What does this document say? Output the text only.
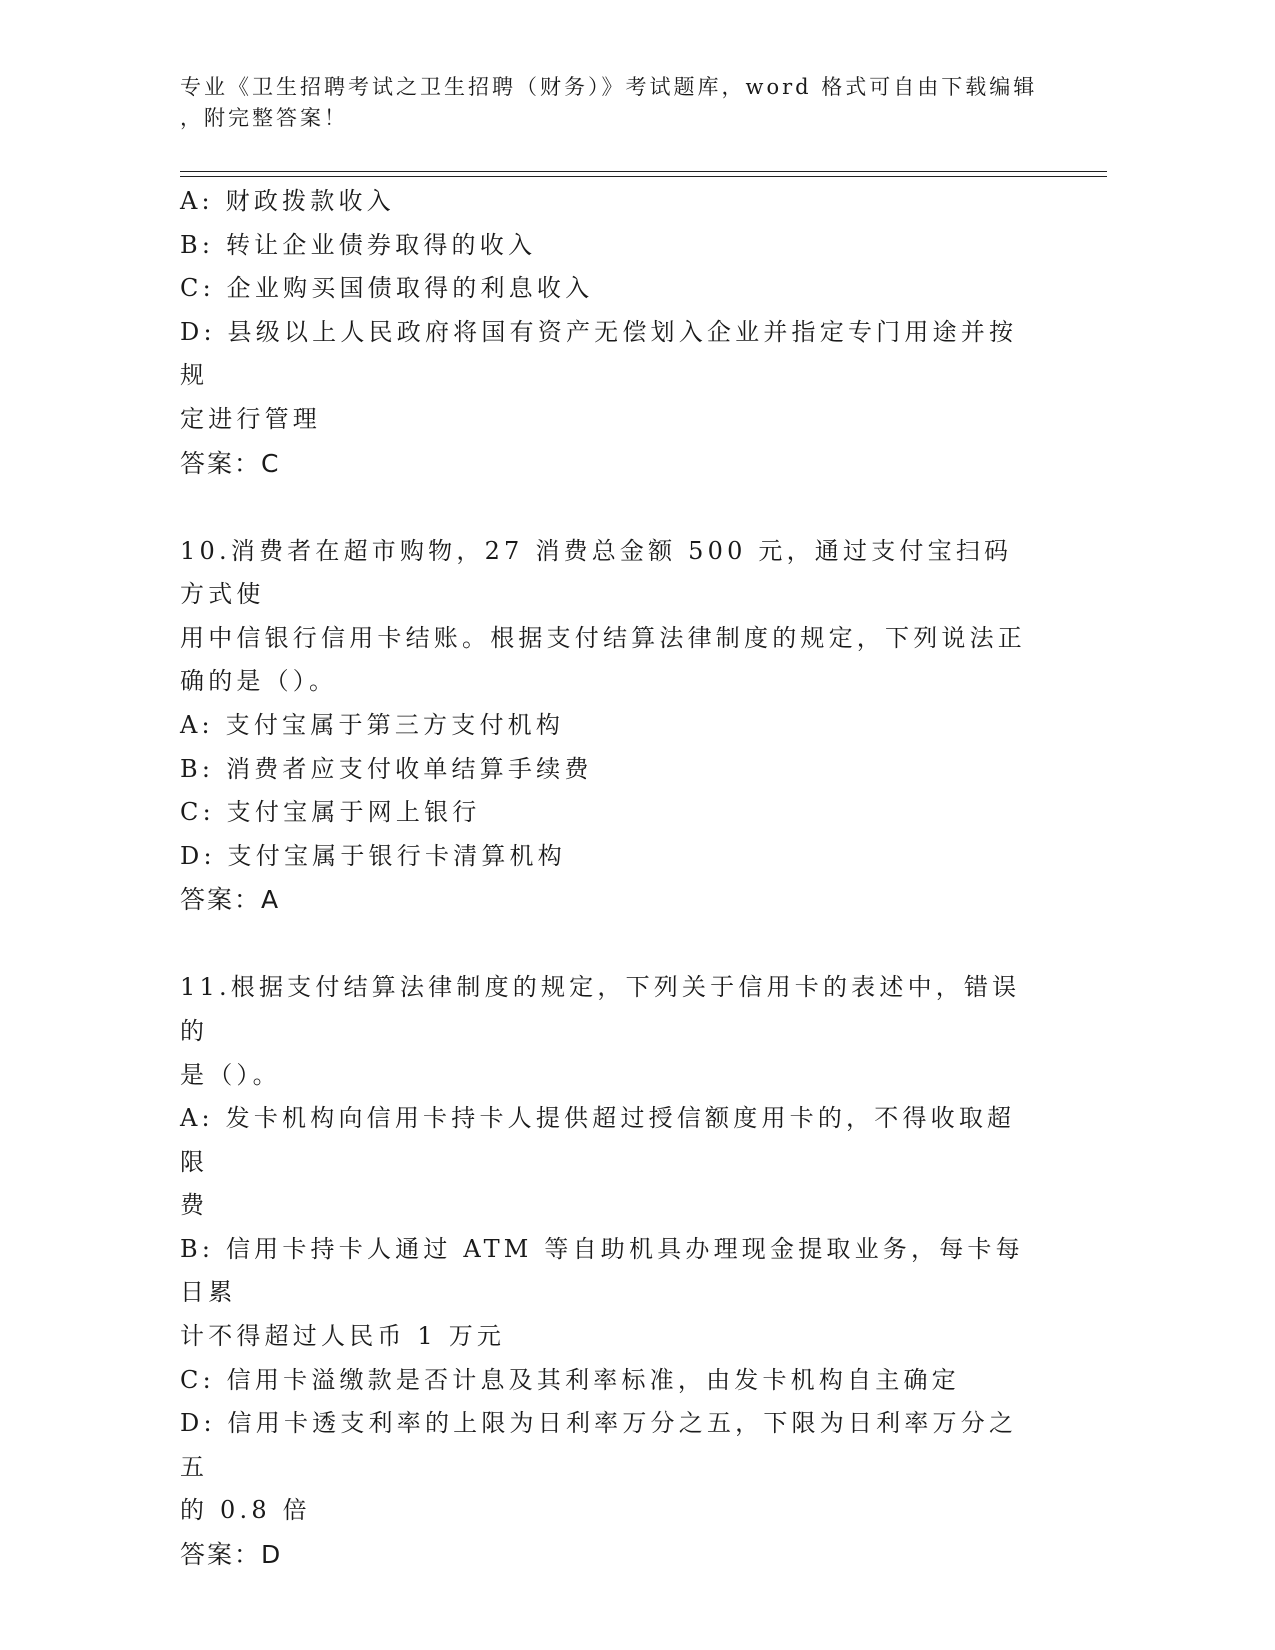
专业《卫生招聘考试之卫生招聘（财务）》考试题库，word 格式可自由下载编辑
，附完整答案！

A: 财政拨款收入

B: 转让企业债券取得的收入

C: 企业购买国债取得的利息收入

D: 县级以上人民政府将国有资产无偿划入企业并指定专门用途并按规

定进行管理

答案：C

10.消费者在超市购物，27 消费总金额 500 元，通过支付宝扫码方式使

用中信银行信用卡结账。根据支付结算法律制度的规定，下列说法正

确的是（）。

A: 支付宝属于第三方支付机构

B: 消费者应支付收单结算手续费

C: 支付宝属于网上银行

D: 支付宝属于银行卡清算机构

答案：A

11.根据支付结算法律制度的规定，下列关于信用卡的表述中，错误的

是（）。

A: 发卡机构向信用卡持卡人提供超过授信额度用卡的，不得收取超限

费

B: 信用卡持卡人通过 ATM 等自助机具办理现金提取业务，每卡每日累

计不得超过人民币 1 万元

C: 信用卡溢缴款是否计息及其利率标准，由发卡机构自主确定

D: 信用卡透支利率的上限为日利率万分之五，下限为日利率万分之五

的 0.8 倍

答案：D
